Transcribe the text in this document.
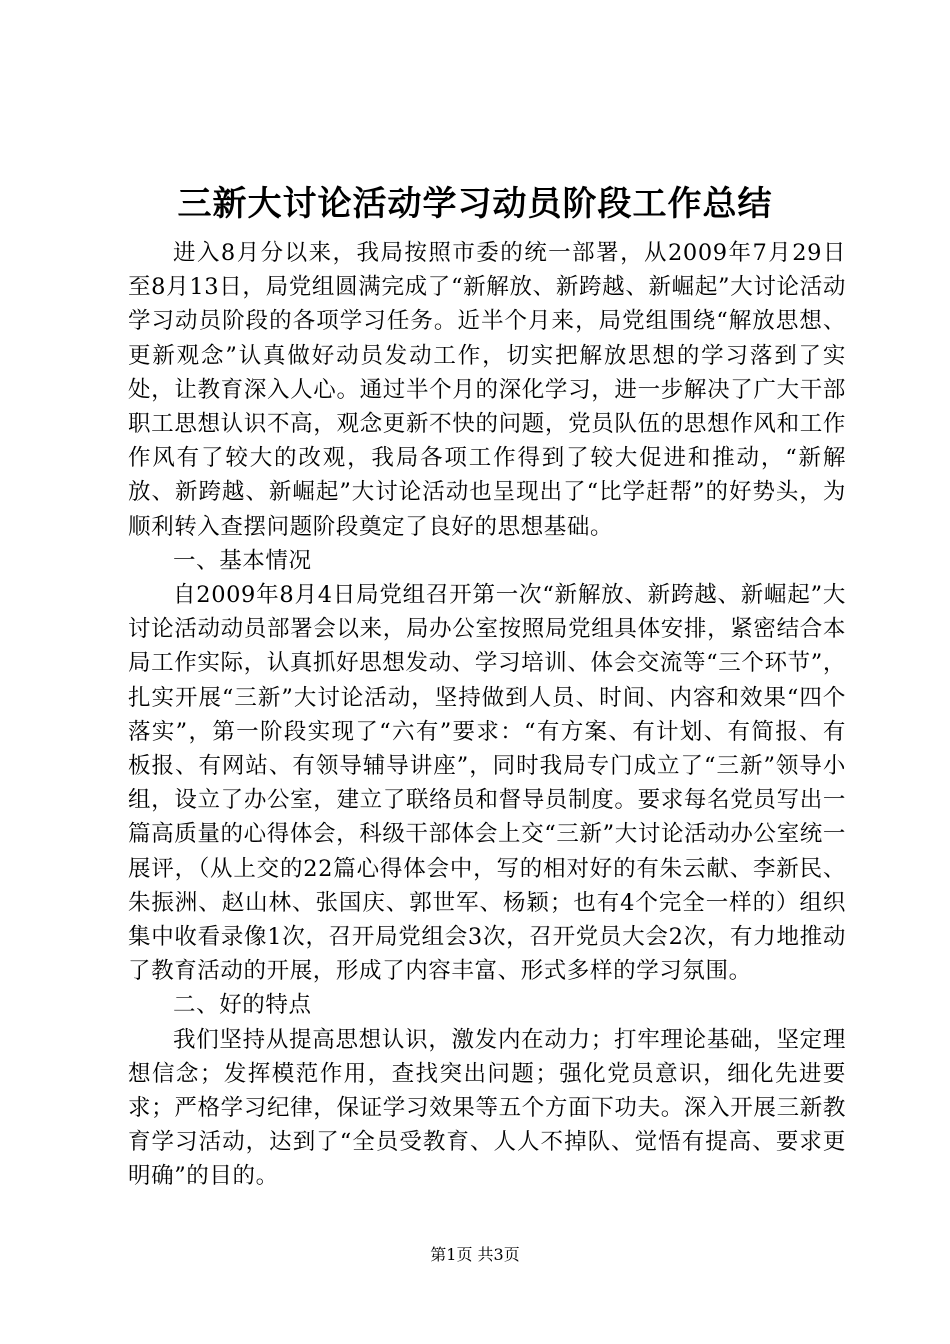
三新大讨论活动学习动员阶段工作总结

进入8月分以来，我局按照市委的统一部署，从2009年7月29日至8月13日，局党组圆满完成了“新解放、新跨越、新崛起”大讨论活动学习动员阶段的各项学习任务。近半个月来，局党组围绕“解放思想、更新观念”认真做好动员发动工作，切实把解放思想的学习落到了实处，让教育深入人心。通过半个月的深化学习，进一步解决了广大干部职工思想认识不高，观念更新不快的问题，党员队伍的思想作风和工作作风有了较大的改观，我局各项工作得到了较大促进和推动，“新解放、新跨越、新崛起”大讨论活动也呈现出了“比学赶帮”的好势头，为顺利转入查摆问题阶段奠定了良好的思想基础。

一、基本情况

自2009年8月4日局党组召开第一次“新解放、新跨越、新崛起”大讨论活动动员部署会以来，局办公室按照局党组具体安排，紧密结合本局工作实际，认真抓好思想发动、学习培训、体会交流等“三个环节”，扎实开展“三新”大讨论活动，坚持做到人员、时间、内容和效果“四个落实”，第一阶段实现了“六有”要求：“有方案、有计划、有简报、有板报、有网站、有领导辅导讲座”，同时我局专门成立了“三新”领导小组，设立了办公室，建立了联络员和督导员制度。要求每名党员写出一篇高质量的心得体会，科级干部体会上交“三新”大讨论活动办公室统一展评，（从上交的22篇心得体会中，写的相对好的有朱云献、李新民、朱振洲、赵山林、张国庆、郭世军、杨颖；也有4个完全一样的）组织集中收看录像1次，召开局党组会3次，召开党员大会2次，有力地推动了教育活动的开展，形成了内容丰富、形式多样的学习氛围。

二、好的特点

我们坚持从提高思想认识，激发内在动力；打牢理论基础，坚定理想信念；发挥模范作用，查找突出问题；强化党员意识，细化先进要求；严格学习纪律，保证学习效果等五个方面下功夫。深入开展三新教育学习活动，达到了“全员受教育、人人不掉队、觉悟有提高、要求更明确”的目的。

第1页 共3页
